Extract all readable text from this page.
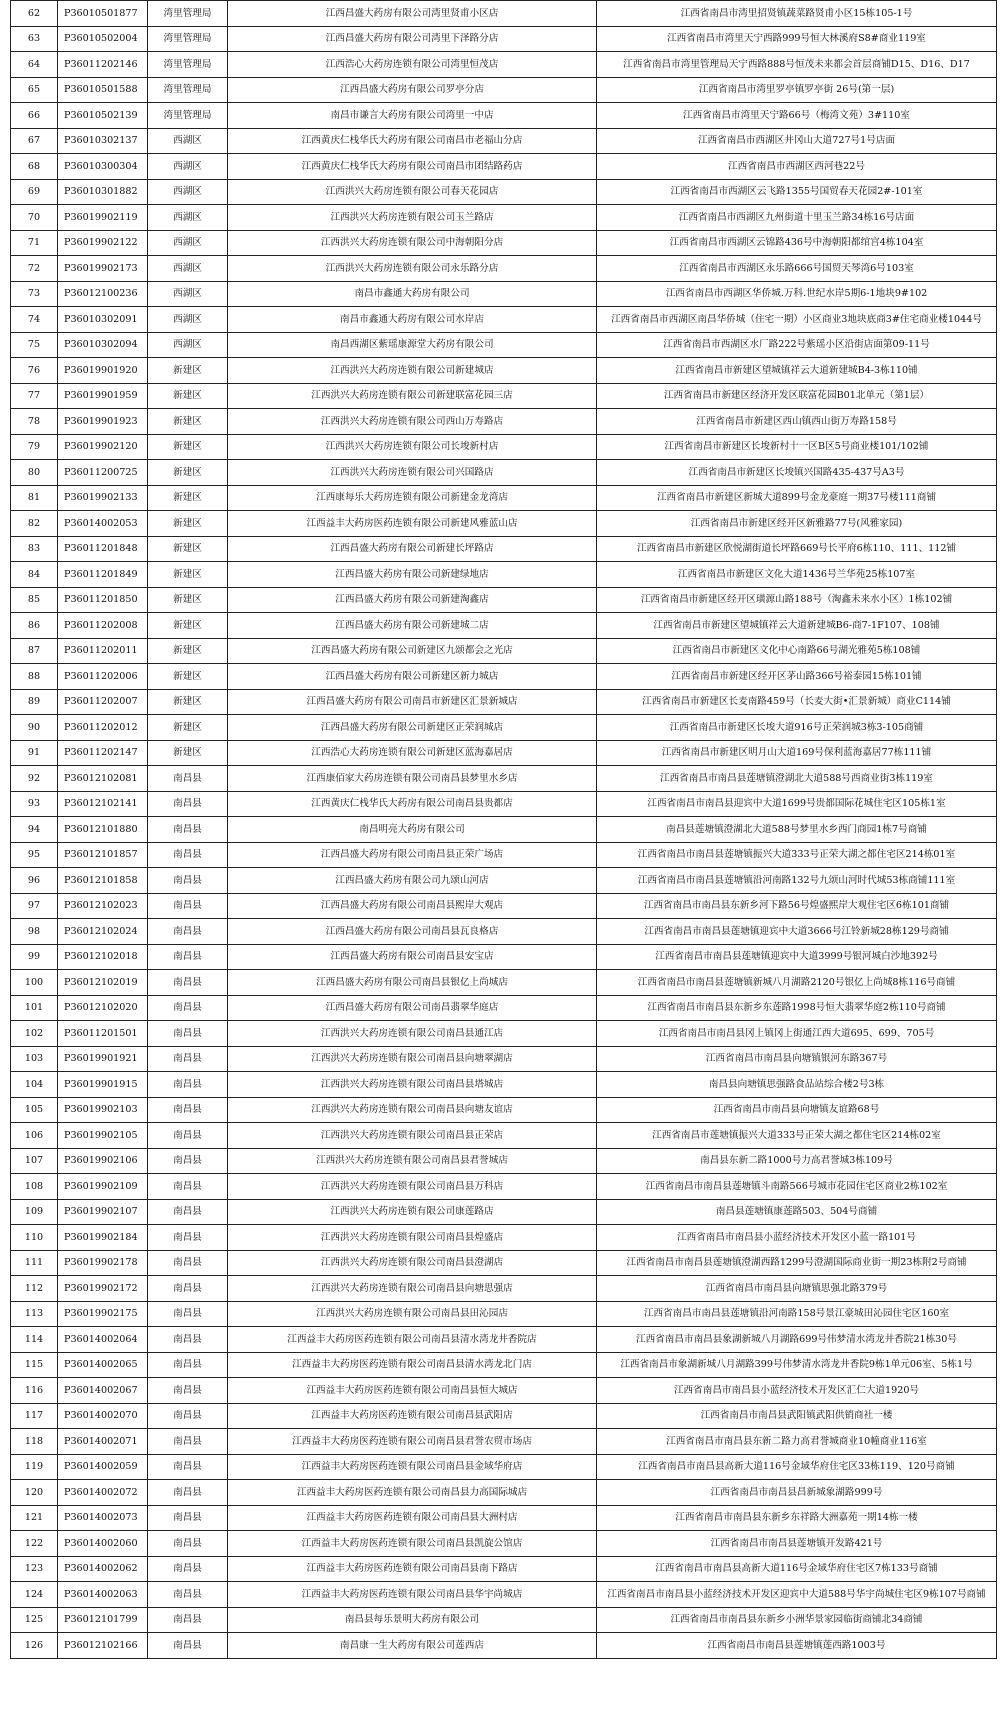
62	P36010501877	湾里管理局	江西昌盛大药房有限公司湾里贤甫小区店	江西省南昌市湾里招贤镇蔬菜路贤甫小区15栋105-1号
63	P36010502004	湾里管理局	江西昌盛大药房有限公司湾里下泽路分店	江西省南昌市湾里天宁西路999号恒大林溪府S8#商业119室
64	P36011202146	湾里管理局	江西浩心大药房连锁有限公司湾里恒茂店	江西省南昌市湾里管理局天宁西路888号恒茂未来都会首层商铺D15、D16、D17
65	P36010501588	湾里管理局	江西昌盛大药房有限公司罗亭分店	江西省南昌市湾里罗亭镇罗亭街 26号(第一层)
66	P36010502139	湾里管理局	南昌市谦言大药房有限公司湾里一中店	江西省南昌市湾里天宁路66号（梅湾文苑）3#110室
67	P36010302137	西湖区	江西黄庆仁栈华氏大药房有限公司南昌市老福山分店	江西省南昌市西湖区井冈山大道727号1号店面
68	P36010300304	西湖区	江西黄庆仁栈华氏大药房有限公司南昌市团结路药店	江西省南昌市西湖区西河巷22号
69	P36010301882	西湖区	江西洪兴大药房连锁有限公司春天花园店	江西省南昌市西湖区云飞路1355号国贸春天花园2#-101室
70	P36019902119	西湖区	江西洪兴大药房连锁有限公司玉兰路店	江西省南昌市西湖区九州街道十里玉兰路34栋16号店面
71	P36019902122	西湖区	江西洪兴大药房连锁有限公司中海朝阳分店	江西省南昌市西湖区云锦路436号中海朝阳都绾宫4栋104室
72	P36019902173	西湖区	江西洪兴大药房连锁有限公司永乐路分店	江西省南昌市西湖区永乐路666号国贸天琴湾6号103室
73	P36012100236	西湖区	南昌市鑫通大药房有限公司	江西省南昌市西湖区华侨城.万科.世纪水岸5期6-1地块9#102
74	P36010302091	西湖区	南昌市鑫通大药房有限公司水岸店	江西省南昌市西湖区南昌华侨城（住宅一期）小区商业3地块底商3#住宅商业楼1044号
75	P36010302094	西湖区	南昌西湖区紫瑶康源堂大药房有限公司	江西省南昌市西湖区水厂路222号紫瑶小区沿街店面第09-11号
76	P36019901920	新建区	江西洪兴大药房连锁有限公司新建城店	江西省南昌市新建区望城镇祥云大道新建城B4-3栋110铺
77	P36019901959	新建区	江西洪兴大药房连锁有限公司新建联富花园三店	江西省南昌市新建区经济开发区联富花园B01北单元（第1层）
78	P36019901923	新建区	江西洪兴大药房连锁有限公司西山万寿路店	江西省南昌市新建区西山镇西山街万寿路158号
79	P36019902120	新建区	江西洪兴大药房连锁有限公司长埈新村店	江西省南昌市新建区长埈新村十一区B区5号商业楼101/102铺
80	P36011200725	新建区	江西洪兴大药房连锁有限公司兴国路店	江西省南昌市新建区长埈镇兴国路435-437号A3号
81	P36019902133	新建区	江西康每乐大药房连锁有限公司新建金龙湾店	江西省南昌市新建区新城大道899号金龙豪庭一期37号楼111商铺
82	P36014002053	新建区	江西益丰大药房医药连锁有限公司新建风雅蓝山店	江西省南昌市新建区经开区新雅路77号(风雅家园)
83	P36011201848	新建区	江西昌盛大药房有限公司新建长坪路店	江西省南昌市新建区欣悦湖街道长坪路669号长平府6栋110、111、112铺
84	P36011201849	新建区	江西昌盛大药房有限公司新建绿地店	江西省南昌市新建区文化大道1436号兰华苑25栋107室
85	P36011201850	新建区	江西昌盛大药房有限公司新建淘鑫店	江西省南昌市新建区经开区璜源山路188号（淘鑫未来水小区）1栋102铺
86	P36011202008	新建区	江西昌盛大药房有限公司新建城二店	江西省南昌市新建区望城镇祥云大道新建城B6-商7-1F107、108铺
87	P36011202011	新建区	江西昌盛大药房有限公司新建区九颂都会之光店	江西省南昌市新建区文化中心南路66号湖光雅苑5栋108铺
88	P36011202006	新建区	江西昌盛大药房有限公司新建区新力城店	江西省南昌市新建区经开区茅山路366号裕泰园15栋101铺
89	P36011202007	新建区	江西昌盛大药房有限公司南昌市新建区汇景新城店	江西省南昌市新建区长麦南路459号（长麦大街•汇景新城）商业C114铺
90	P36011202012	新建区	江西昌盛大药房有限公司新建区正荣润城店	江西省南昌市新建区长埈大道916号正荣润城3栋3-105商铺
91	P36011202147	新建区	江西浩心大药房连锁有限公司新建区蓝海嘉居店	江西省南昌市新建区明月山大道169号保利蓝海嘉居77栋111铺
92	P36012102081	南昌县	江西康佰家大药房连锁有限公司南昌县梦里水乡店	江西省南昌市南昌县莲塘镇澄湖北大道588号西商业街3栋119室
93	P36012102141	南昌县	江西黄庆仁栈华氏大药房有限公司南昌县贵都店	江西省南昌市南昌县迎宾中大道1699号贵都国际花城住宅区105栋1室
94	P36012101880	南昌县	南昌明亮大药房有限公司	南昌县莲塘镇澄湖北大道588号梦里水乡西门商园1栋7号商铺
95	P36012101857	南昌县	江西昌盛大药房有限公司南昌县正荣广场店	江西省南昌市南昌县莲塘镇振兴大道333号正荣大湖之都住宅区214栋01室
96	P36012101858	南昌县	江西昌盛大药房有限公司九颂山河店	江西省南昌市南昌县莲塘镇沿河南路132号九颂山河时代城53栋商铺111室
97	P36012102023	南昌县	江西昌盛大药房有限公司南昌县熙岸大观店	江西省南昌市南昌县东新乡河下路56号煌盛熙岸大观住宅区6栋101商铺
98	P36012102024	南昌县	江西昌盛大药房有限公司南昌县瓦良格店	江西省南昌市南昌县莲塘镇迎宾中大道3666号江铃新城28栋129号商铺
99	P36012102018	南昌县	江西昌盛大药房有限公司南昌县安宝店	江西省南昌市南昌县莲塘镇迎宾中大道3999号银河城白沙地392号
100	P36012102019	南昌县	江西昌盛大药房有限公司南昌县银亿上尚城店	江西省南昌市南昌县莲塘镇新城八月湖路2120号银亿上尚城8栋116号商铺
101	P36012102020	南昌县	江西昌盛大药房有限公司南昌翡翠华庭店	江西省南昌市南昌县东新乡东莲路1998号恒大翡翠华庭2栋110号商铺
102	P36011201501	南昌县	江西洪兴大药房连锁有限公司南昌县通江店	江西省南昌市南昌县冈上镇冈上街通江西大道695、699、705号
103	P36019901921	南昌县	江西洪兴大药房连锁有限公司南昌县向塘翠湖店	江西省南昌市南昌县向塘镇银河东路367号
104	P36019901915	南昌县	江西洪兴大药房连锁有限公司南昌县塔城店	南昌县向塘镇思强路食品站综合楼2号3栋
105	P36019902103	南昌县	江西洪兴大药房连锁有限公司南昌县向塘友谊店	江西省南昌市南昌县向塘镇友谊路68号
106	P36019902105	南昌县	江西洪兴大药房连锁有限公司南昌县正荣店	江西省南昌市莲塘镇振兴大道333号正荣大湖之都住宅区214栋02室
107	P36019902106	南昌县	江西洪兴大药房连锁有限公司南昌县君誉城店	南昌县东新二路1000号力高君誉城3栋109号
108	P36019902109	南昌县	江西洪兴大药房连锁有限公司南昌县万科店	江西省南昌市南昌县莲塘镇斗南路566号城市花园住宅区商业2栋102室
109	P36019902107	南昌县	江西洪兴大药房连锁有限公司康莲路店	南昌县莲塘镇康莲路503、504号商铺
110	P36019902184	南昌县	江西洪兴大药房连锁有限公司南昌县煌盛店	江西省南昌市南昌县小蓝经济技术开发区小蓝一路101号
111	P36019902178	南昌县	江西洪兴大药房连锁有限公司南昌县澄湖店	江西省南昌市南昌县莲塘镇澄湖西路1299号澄湖国际商业街一期23栋附2号商铺
112	P36019902172	南昌县	江西洪兴大药房连锁有限公司南昌县向塘思强店	江西省南昌市南昌县向塘镇思强北路379号
113	P36019902175	南昌县	江西洪兴大药房连锁有限公司南昌县田沁园店	江西省南昌市南昌县莲塘镇沿河南路158号景江豪城田沁园住宅区160室
114	P36014002064	南昌县	江西益丰大药房医药连锁有限公司南昌县清水湾龙井香院店	江西省南昌市南昌县象湖新城八月湖路699号伟梦清水湾龙井香院21栋30号
115	P36014002065	南昌县	江西益丰大药房医药连锁有限公司南昌县清水湾龙北门店	江西省南昌市象湖新城八月湖路399号伟梦清水湾龙井香院9栋1单元06室、5栋1号
116	P36014002067	南昌县	江西益丰大药房医药连锁有限公司南昌县恒大城店	江西省南昌市南昌县小蓝经济技术开发区汇仁大道1920号
117	P36014002070	南昌县	江西益丰大药房医药连锁有限公司南昌县武阳店	江西省南昌市南昌县武阳镇武阳供销商社一楼
118	P36014002071	南昌县	江西益丰大药房医药连锁有限公司南昌县君誉农贸市场店	江西省南昌市南昌县东新二路力高君誉城商业10幢商业116室
119	P36014002059	南昌县	江西益丰大药房医药连锁有限公司南昌县金域华府店	江西省南昌市南昌县高新大道116号金域华府住宅区33栋119、120号商铺
120	P36014002072	南昌县	江西益丰大药房医药连锁有限公司南昌县力高国际城店	江西省南昌市南昌县昌新城象湖路999号
121	P36014002073	南昌县	江西益丰大药房医药连锁有限公司南昌县大洲村店	江西省南昌市南昌县东新乡东祥路大洲嘉苑一期14栋一楼
122	P36014002060	南昌县	江西益丰大药房医药连锁有限公司南昌县凯旋公馆店	江西省南昌市南昌县莲塘镇开发路421号
123	P36014002062	南昌县	江西益丰大药房医药连锁有限公司南昌县南下路店	江西省南昌市南昌县高新大道116号金域华府住宅区7栋133号商铺
124	P36014002063	南昌县	江西益丰大药房医药连锁有限公司南昌县华宇尚城店	江西省南昌市南昌县小蓝经济技术开发区迎宾中大道588号华宇尚城住宅区9栋107号商铺
125	P36012101799	南昌县	南昌县每乐景明大药房有限公司	江西省南昌市南昌县东新乡小洲华景家园临街商铺北34商铺
126	P36012102166	南昌县	南昌康一生大药房有限公司莲西店	江西省南昌市南昌县莲塘镇莲西路1003号
